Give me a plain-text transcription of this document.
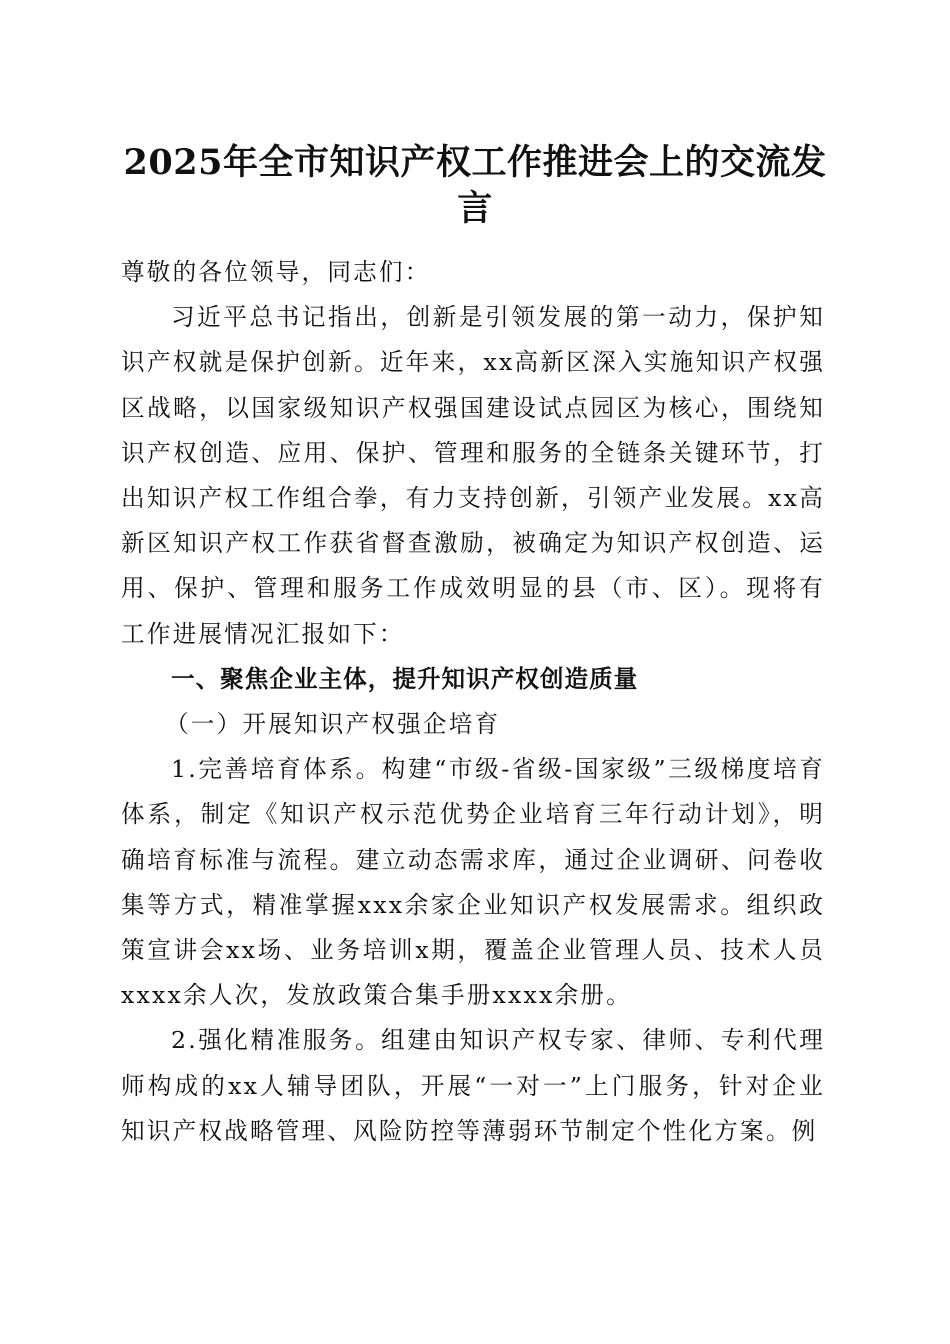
2025年全市知识产权工作推进会上的交流发言

尊敬的各位领导，同志们：

习近平总书记指出，创新是引领发展的第一动力，保护知识产权就是保护创新。近年来，xx高新区深入实施知识产权强区战略，以国家级知识产权强国建设试点园区为核心，围绕知识产权创造、应用、保护、管理和服务的全链条关键环节，打出知识产权工作组合拳，有力支持创新，引领产业发展。xx高新区知识产权工作获省督查激励，被确定为知识产权创造、运用、保护、管理和服务工作成效明显的县（市、区）。现将有工作进展情况汇报如下：

一、聚焦企业主体，提升知识产权创造质量

（一）开展知识产权强企培育

1.完善培育体系。构建“市级-省级-国家级”三级梯度培育体系，制定《知识产权示范优势企业培育三年行动计划》，明确培育标准与流程。建立动态需求库，通过企业调研、问卷收集等方式，精准掌握xxx余家企业知识产权发展需求。组织政策宣讲会xx场、业务培训x期，覆盖企业管理人员、技术人员xxxx余人次，发放政策合集手册xxxx余册。

2.强化精准服务。组建由知识产权专家、律师、专利代理师构成的xx人辅导团队，开展“一对一”上门服务，针对企业知识产权战略管理、风险防控等薄弱环节制定个性化方案。例
